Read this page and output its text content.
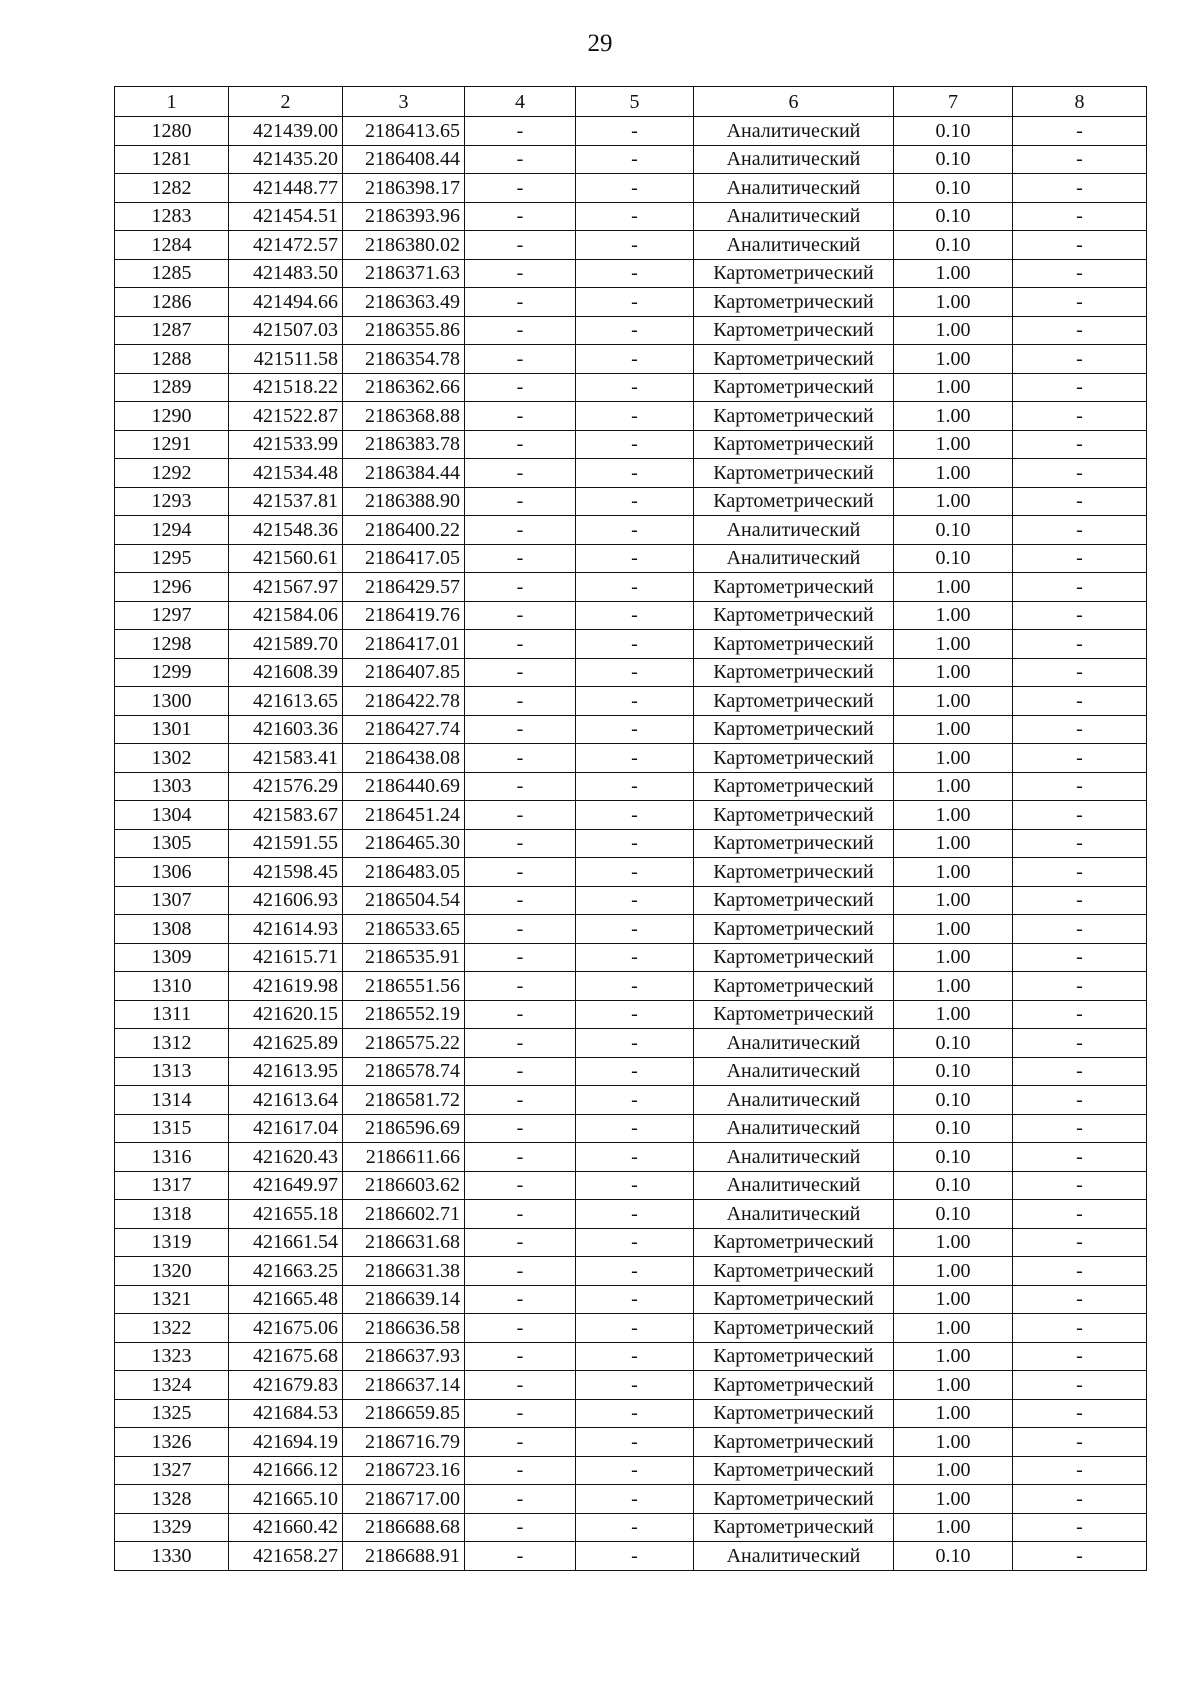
29
1	2	3	4	5	6	7	8
1280	421439.00	2186413.65	-	-	Аналитический	0.10	-
1281	421435.20	2186408.44	-	-	Аналитический	0.10	-
1282	421448.77	2186398.17	-	-	Аналитический	0.10	-
1283	421454.51	2186393.96	-	-	Аналитический	0.10	-
1284	421472.57	2186380.02	-	-	Аналитический	0.10	-
1285	421483.50	2186371.63	-	-	Картометрический	1.00	-
1286	421494.66	2186363.49	-	-	Картометрический	1.00	-
1287	421507.03	2186355.86	-	-	Картометрический	1.00	-
1288	421511.58	2186354.78	-	-	Картометрический	1.00	-
1289	421518.22	2186362.66	-	-	Картометрический	1.00	-
1290	421522.87	2186368.88	-	-	Картометрический	1.00	-
1291	421533.99	2186383.78	-	-	Картометрический	1.00	-
1292	421534.48	2186384.44	-	-	Картометрический	1.00	-
1293	421537.81	2186388.90	-	-	Картометрический	1.00	-
1294	421548.36	2186400.22	-	-	Аналитический	0.10	-
1295	421560.61	2186417.05	-	-	Аналитический	0.10	-
1296	421567.97	2186429.57	-	-	Картометрический	1.00	-
1297	421584.06	2186419.76	-	-	Картометрический	1.00	-
1298	421589.70	2186417.01	-	-	Картометрический	1.00	-
1299	421608.39	2186407.85	-	-	Картометрический	1.00	-
1300	421613.65	2186422.78	-	-	Картометрический	1.00	-
1301	421603.36	2186427.74	-	-	Картометрический	1.00	-
1302	421583.41	2186438.08	-	-	Картометрический	1.00	-
1303	421576.29	2186440.69	-	-	Картометрический	1.00	-
1304	421583.67	2186451.24	-	-	Картометрический	1.00	-
1305	421591.55	2186465.30	-	-	Картометрический	1.00	-
1306	421598.45	2186483.05	-	-	Картометрический	1.00	-
1307	421606.93	2186504.54	-	-	Картометрический	1.00	-
1308	421614.93	2186533.65	-	-	Картометрический	1.00	-
1309	421615.71	2186535.91	-	-	Картометрический	1.00	-
1310	421619.98	2186551.56	-	-	Картометрический	1.00	-
1311	421620.15	2186552.19	-	-	Картометрический	1.00	-
1312	421625.89	2186575.22	-	-	Аналитический	0.10	-
1313	421613.95	2186578.74	-	-	Аналитический	0.10	-
1314	421613.64	2186581.72	-	-	Аналитический	0.10	-
1315	421617.04	2186596.69	-	-	Аналитический	0.10	-
1316	421620.43	2186611.66	-	-	Аналитический	0.10	-
1317	421649.97	2186603.62	-	-	Аналитический	0.10	-
1318	421655.18	2186602.71	-	-	Аналитический	0.10	-
1319	421661.54	2186631.68	-	-	Картометрический	1.00	-
1320	421663.25	2186631.38	-	-	Картометрический	1.00	-
1321	421665.48	2186639.14	-	-	Картометрический	1.00	-
1322	421675.06	2186636.58	-	-	Картометрический	1.00	-
1323	421675.68	2186637.93	-	-	Картометрический	1.00	-
1324	421679.83	2186637.14	-	-	Картометрический	1.00	-
1325	421684.53	2186659.85	-	-	Картометрический	1.00	-
1326	421694.19	2186716.79	-	-	Картометрический	1.00	-
1327	421666.12	2186723.16	-	-	Картометрический	1.00	-
1328	421665.10	2186717.00	-	-	Картометрический	1.00	-
1329	421660.42	2186688.68	-	-	Картометрический	1.00	-
1330	421658.27	2186688.91	-	-	Аналитический	0.10	-
